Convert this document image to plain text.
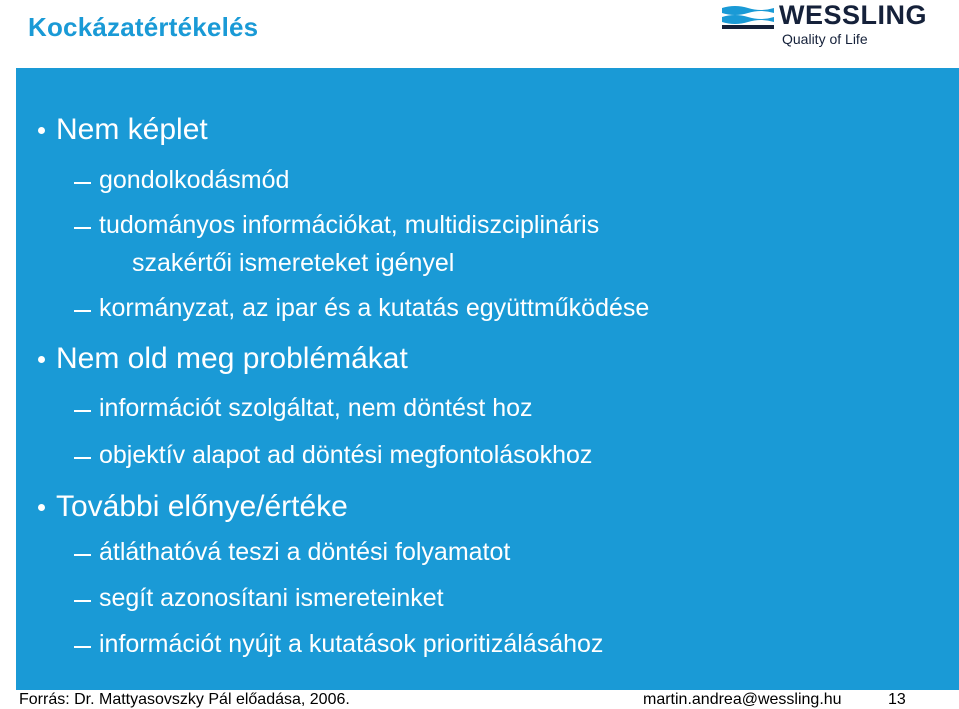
Kockázatértékelés	WESSLING
Quality of Life
Nem képlet
gondolkodásmód
tudományos információkat, multidiszciplináris
szakértői ismereteket igényel
kormányzat, az ipar és a kutatás együttműködése
Nem old meg problémákat
információt szolgáltat, nem döntést hoz
objektív alapot ad döntési megfontolásokhoz
További előnye/értéke
átláthatóvá teszi a döntési folyamatot
segít azonosítani ismereteinket
információt nyújt a kutatások prioritizálásához
Forrás: Dr. Mattyasovszky Pál előadása, 2006.	martin.andrea@wessling.hu	13
